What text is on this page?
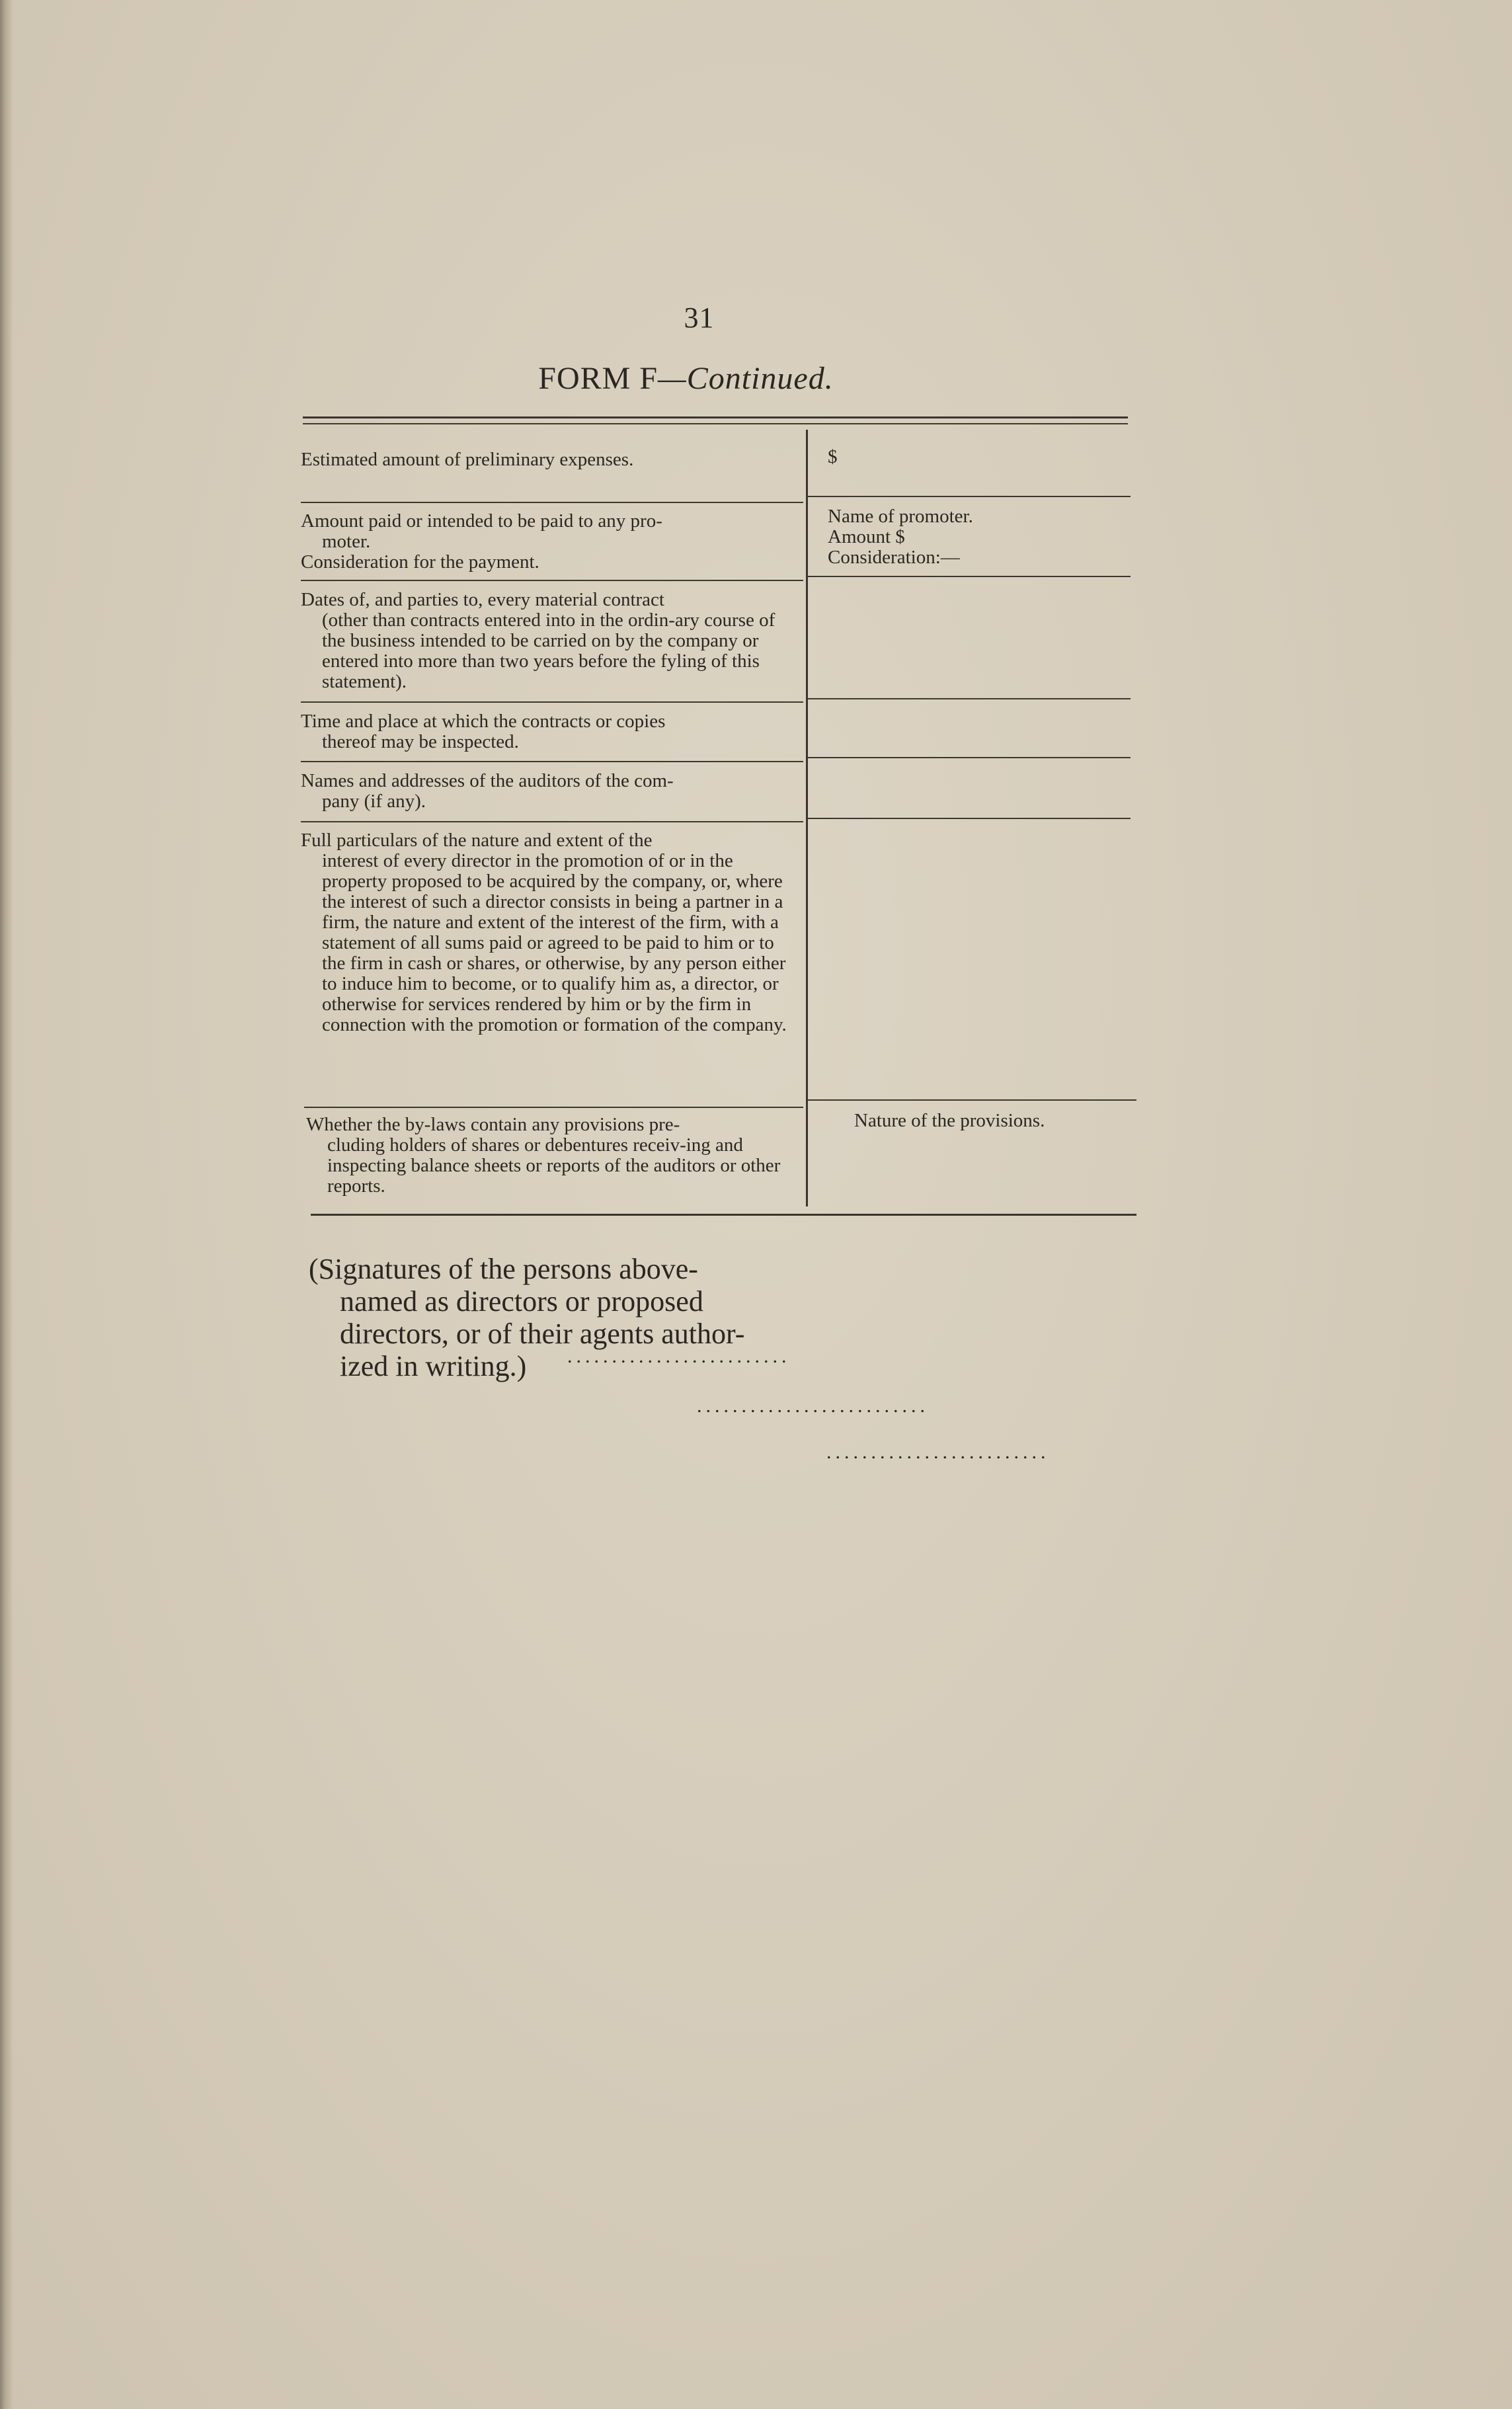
31
FORM F—Continued.

Estimated amount of preliminary expenses.	$

Amount paid or intended to be paid to any pro-

moter.

Consideration for the payment.

Name of promoter.

Amount $

Consideration:—

Dates of, and parties to, every material contract

(other than contracts entered into in the ordin-ary course of the business intended to be carried on by the company or entered into more than two years before the fyling of this statement).

Time and place at which the contracts or copies

thereof may be inspected.

Names and addresses of the auditors of the com-

pany (if any).

Full particulars of the nature and extent of the

interest of every director in the promotion of or in the property proposed to be acquired by the company, or, where the interest of such a director consists in being a partner in a firm, the nature and extent of the interest of the firm, with a statement of all sums paid or agreed to be paid to him or to the firm in cash or shares, or otherwise, by any person either to induce him to become, or to qualify him as, a director, or otherwise for services rendered by him or by the firm in connection with the promotion or formation of the company.

Whether the by-laws contain any provisions pre-

cluding holders of shares or debentures receiv-ing and inspecting balance sheets or reports of the auditors or other reports.

Nature of the provisions.

(Signatures of the persons above-

named as directors or proposed

directors, or of their agents author-

ized in writing.)	.........................
..........................
.........................
